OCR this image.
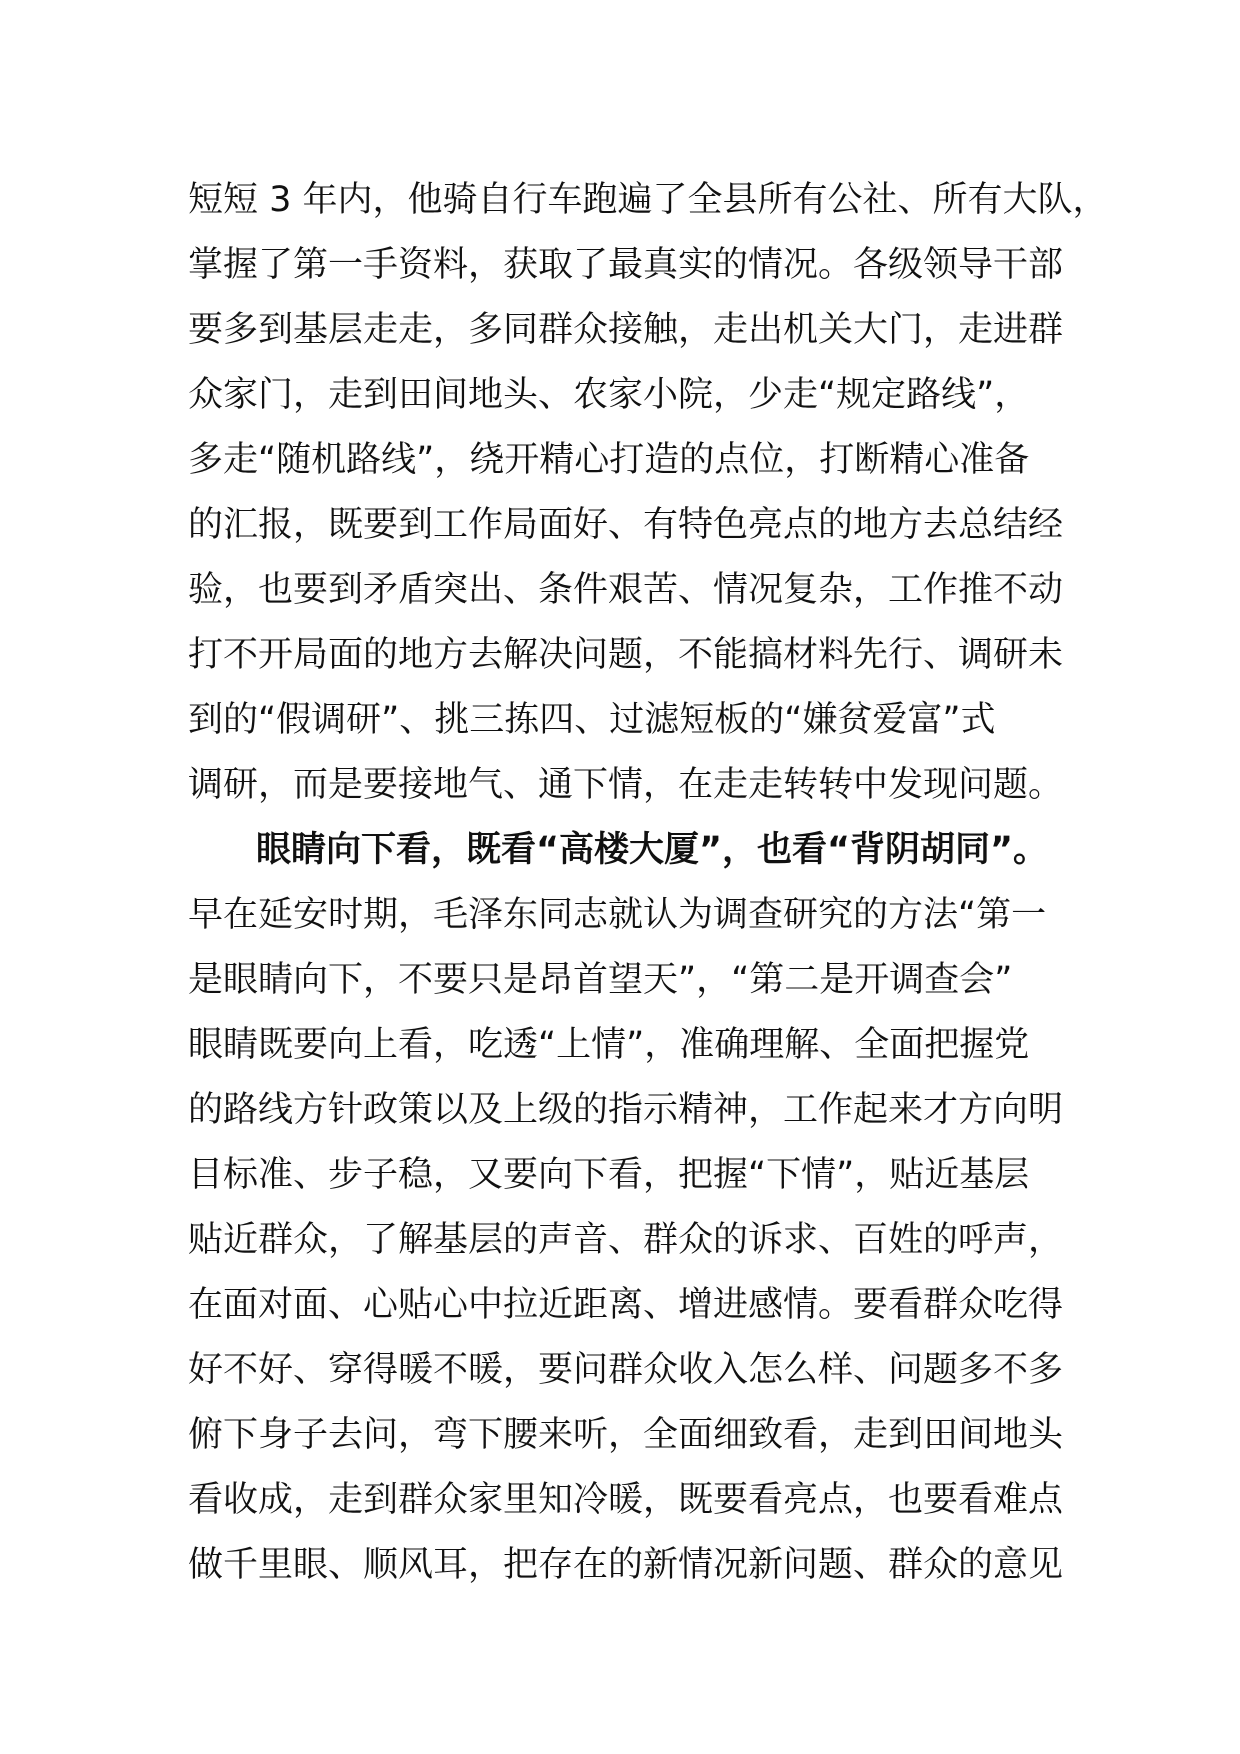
短短 3 年内，他骑自行车跑遍了全县所有公社、所有大队，
掌握了第一手资料，获取了最真实的情况。各级领导干部
要多到基层走走，多同群众接触，走出机关大门，走进群
众家门，走到田间地头、农家小院，少走“规定路线”，
多走“随机路线”，绕开精心打造的点位，打断精心准备
的汇报，既要到工作局面好、有特色亮点的地方去总结经
验，也要到矛盾突出、条件艰苦、情况复杂，工作推不动
打不开局面的地方去解决问题，不能搞材料先行、调研未
到的“假调研”、挑三拣四、过滤短板的“嫌贫爱富”式
调研，而是要接地气、通下情，在走走转转中发现问题。
眼睛向下看，既看“高楼大厦”，也看“背阴胡同”。
早在延安时期，毛泽东同志就认为调查研究的方法“第一
是眼睛向下，不要只是昂首望天”，“第二是开调查会”
眼睛既要向上看，吃透“上情”，准确理解、全面把握党
的路线方针政策以及上级的指示精神，工作起来才方向明
目标准、步子稳，又要向下看，把握“下情”，贴近基层
贴近群众，了解基层的声音、群众的诉求、百姓的呼声，
在面对面、心贴心中拉近距离、增进感情。要看群众吃得
好不好、穿得暖不暖，要问群众收入怎么样、问题多不多
俯下身子去问，弯下腰来听，全面细致看，走到田间地头
看收成，走到群众家里知冷暖，既要看亮点，也要看难点
做千里眼、顺风耳，把存在的新情况新问题、群众的意见
